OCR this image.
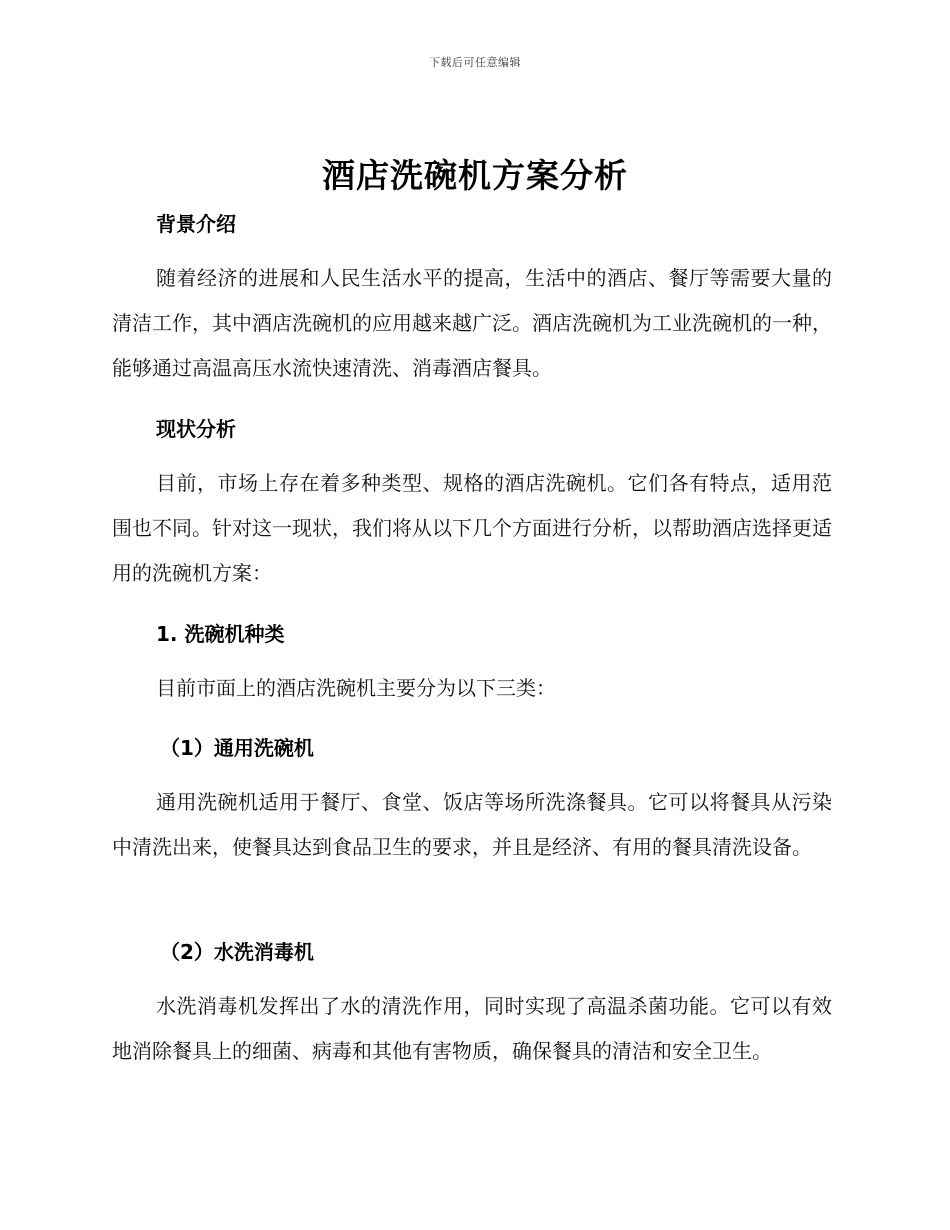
下载后可任意编辑
酒店洗碗机方案分析
背景介绍

随着经济的进展和人民生活水平的提高，生活中的酒店、餐厅等需要大量的清洁工作，其中酒店洗碗机的应用越来越广泛。酒店洗碗机为工业洗碗机的一种，能够通过高温高压水流快速清洗、消毒酒店餐具。

现状分析

目前，市场上存在着多种类型、规格的酒店洗碗机。它们各有特点，适用范围也不同。针对这一现状，我们将从以下几个方面进行分析，以帮助酒店选择更适用的洗碗机方案：

1. 洗碗机种类

目前市面上的酒店洗碗机主要分为以下三类：

（1）通用洗碗机

通用洗碗机适用于餐厅、食堂、饭店等场所洗涤餐具。它可以将餐具从污染中清洗出来，使餐具达到食品卫生的要求，并且是经济、有用的餐具清洗设备。

（2）水洗消毒机

水洗消毒机发挥出了水的清洗作用，同时实现了高温杀菌功能。它可以有效地消除餐具上的细菌、病毒和其他有害物质，确保餐具的清洁和安全卫生。
